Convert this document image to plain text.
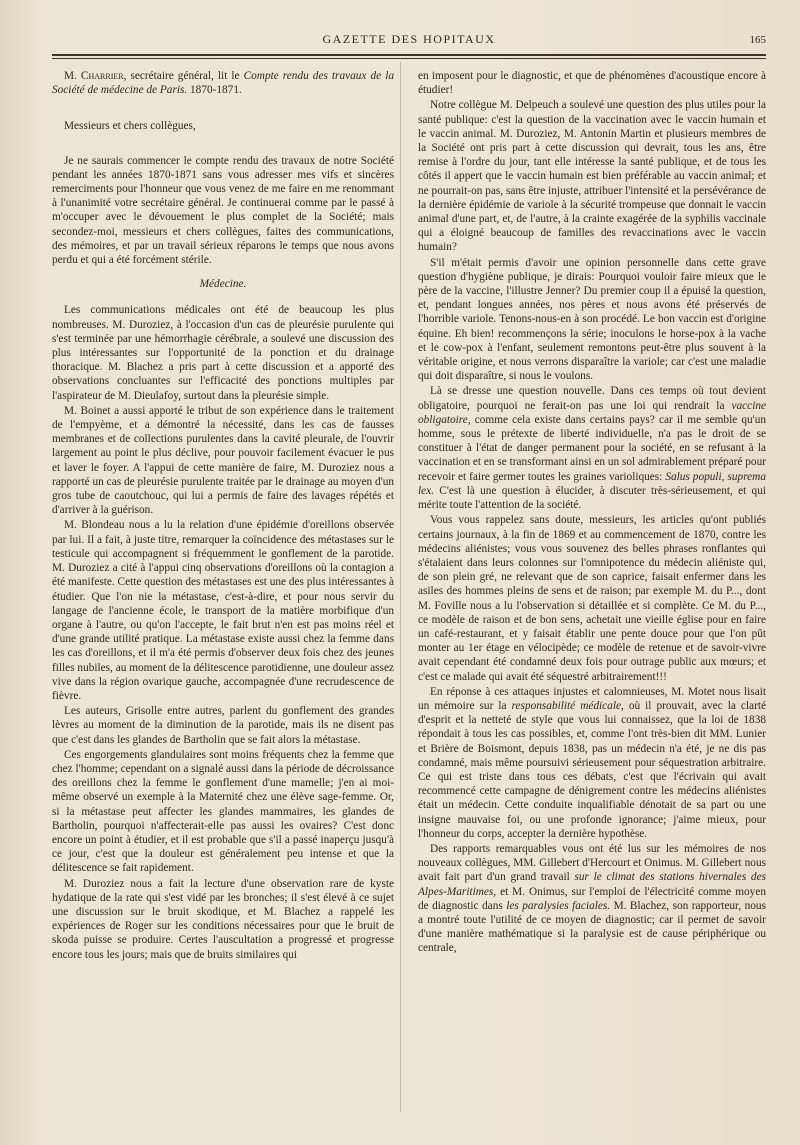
GAZETTE DES HOPITAUX	165

M. Charrier, secrétaire général, lit le Compte rendu des travaux de la Société de médecine de Paris. 1870-1871.

Messieurs et chers collègues,

Je ne saurais commencer le compte rendu des travaux de notre Société pendant les années 1870-1871 sans vous adresser mes vifs et sincères remerciments pour l'honneur que vous venez de me faire en me renommant à l'unanimité votre secrétaire général. Je continuerai comme par le passé à m'occuper avec le dévouement le plus complet de la Société; mais secondez-moi, messieurs et chers collègues, faites des communications, des mémoires, et par un travail sérieux réparons le temps que nous avons perdu et qui a été forcément stérile.

Médecine.

Les communications médicales ont été de beaucoup les plus nombreuses. M. Duroziez, à l'occasion d'un cas de pleurésie purulente qui s'est terminée par une hémorrhagie cérébrale, a soulevé une discussion des plus intéressantes sur l'opportunité de la ponction et du drainage thoracique. M. Blachez a pris part à cette discussion et a apporté des observations concluantes sur l'efficacité des ponctions multiples par l'aspirateur de M. Dieulafoy, surtout dans la pleurésie simple.

M. Boinet a aussi apporté le tribut de son expérience dans le traitement de l'empyème, et a démontré la nécessité, dans les cas de fausses membranes et de collections purulentes dans la cavité pleurale, de l'ouvrir largement au point le plus déclive, pour pouvoir facilement évacuer le pus et laver le foyer. A l'appui de cette manière de faire, M. Duroziez nous a rapporté un cas de pleurésie purulente traitée par le drainage au moyen d'un gros tube de caoutchouc, qui lui a permis de faire des lavages répétés et d'arriver à la guérison.

M. Blondeau nous a lu la relation d'une épidémie d'oreillons observée par lui. Il a fait, à juste titre, remarquer la coïncidence des métastases sur le testicule qui accompagnent si fréquemment le gonflement de la parotide. M. Duroziez a cité à l'appui cinq observations d'oreillons où la contagion a été manifeste. Cette question des métastases est une des plus intéressantes à étudier. Que l'on nie la métastase, c'est-à-dire, et pour nous servir du langage de l'ancienne école, le transport de la matière morbifique d'un organe à l'autre, ou qu'on l'accepte, le fait brut n'en est pas moins réel et d'une grande utilité pratique. La métastase existe aussi chez la femme dans les cas d'oreillons, et il m'a été permis d'observer deux fois chez des jeunes filles nubiles, au moment de la délitescence parotidienne, une douleur assez vive dans la région ovarique gauche, accompagnée d'une recrudescence de fièvre.

Les auteurs, Grisolle entre autres, parlent du gonflement des grandes lèvres au moment de la diminution de la parotide, mais ils ne disent pas que c'est dans les glandes de Bartholin que se fait alors la métastase.

Ces engorgements glandulaires sont moins fréquents chez la femme que chez l'homme; cependant on a signalé aussi dans la période de décroissance des oreillons chez la femme le gonflement d'une mamelle; j'en ai moi-même observé un exemple à la Maternité chez une élève sage-femme. Or, si la métastase peut affecter les glandes mammaires, les glandes de Bartholin, pourquoi n'affecterait-elle pas aussi les ovaires? C'est donc encore un point à étudier, et il est probable que s'il a passé inaperçu jusqu'à ce jour, c'est que la douleur est généralement peu intense et que la délitescence se fait rapidement.

M. Duroziez nous a fait la lecture d'une observation rare de kyste hydatique de la rate qui s'est vidé par les bronches; il s'est élevé à ce sujet une discussion sur le bruit skodique, et M. Blachez a rappelé les expériences de Roger sur les conditions nécessaires pour que le bruit de skoda puisse se produire. Certes l'auscultation a progressé et progresse encore tous les jours; mais que de bruits similaires qui

en imposent pour le diagnostic, et que de phénomènes d'acoustique encore à étudier!

Notre collègue M. Delpeuch a soulevé une question des plus utiles pour la santé publique: c'est la question de la vaccination avec le vaccin humain et le vaccin animal. M. Duroziez, M. Antonin Martin et plusieurs membres de la Société ont pris part à cette discussion qui devrait, tous les ans, être remise à l'ordre du jour, tant elle intéresse la santé publique, et de tous les côtés il appert que le vaccin humain est bien préférable au vaccin animal; et ne pourrait-on pas, sans être injuste, attribuer l'intensité et la persévérance de la dernière épidémie de variole à la sécurité trompeuse que donnait le vaccin animal d'une part, et, de l'autre, à la crainte exagérée de la syphilis vaccinale qui a éloigné beaucoup de familles des revaccinations avec le vaccin humain?

S'il m'était permis d'avoir une opinion personnelle dans cette grave question d'hygiène publique, je dirais: Pourquoi vouloir faire mieux que le père de la vaccine, l'illustre Jenner? Du premier coup il a épuisé la question, et, pendant longues années, nos pères et nous avons été préservés de l'horrible variole. Tenons-nous-en à son procédé. Le bon vaccin est d'origine équine. Eh bien! recommençons la série; inoculons le horse-pox à la vache et le cow-pox à l'enfant, seulement remontons peut-être plus souvent à la véritable origine, et nous verrons disparaître la variole; car c'est une maladie qui doit disparaître, si nous le voulons.

Là se dresse une question nouvelle. Dans ces temps où tout devient obligatoire, pourquoi ne ferait-on pas une loi qui rendrait la vaccine obligatoire, comme cela existe dans certains pays? car il me semble qu'un homme, sous le prétexte de liberté individuelle, n'a pas le droit de se constituer à l'état de danger permanent pour la société, en se refusant à la vaccination et en se transformant ainsi en un sol admirablement préparé pour recevoir et faire germer toutes les graines varioliques: Salus populi, suprema lex. C'est là une question à élucider, à discuter très-sérieusement, et qui mérite toute l'attention de la société.

Vous vous rappelez sans doute, messieurs, les articles qu'ont publiés certains journaux, à la fin de 1869 et au commencement de 1870, contre les médecins aliénistes; vous vous souvenez des belles phrases ronflantes qui s'étalaient dans leurs colonnes sur l'omnipotence du médecin aliéniste qui, de son plein gré, ne relevant que de son caprice, faisait enfermer dans les asiles des hommes pleins de sens et de raison; par exemple M. du P..., dont M. Foville nous a lu l'observation si détaillée et si complète. Ce M. du P..., ce modèle de raison et de bon sens, achetait une vieille église pour en faire un café-restaurant, et y faisait établir une pente douce pour que l'on pût monter au 1er étage en vélocipède; ce modèle de retenue et de savoir-vivre avait cependant été condamné deux fois pour outrage public aux mœurs; et c'est ce malade qui avait été séquestré arbitrairement!!!

En réponse à ces attaques injustes et calomnieuses, M. Motet nous lisait un mémoire sur la responsabilité médicale, où il prouvait, avec la clarté d'esprit et la netteté de style que vous lui connaissez, que la loi de 1838 répondait à tous les cas possibles, et, comme l'ont très-bien dit MM. Lunier et Brière de Boismont, depuis 1838, pas un médecin n'a été, je ne dis pas condamné, mais même poursuivi sérieusement pour séquestration arbitraire. Ce qui est triste dans tous ces débats, c'est que l'écrivain qui avait recommencé cette campagne de dénigrement contre les médecins aliénistes était un médecin. Cette conduite inqualifiable dénotait de sa part ou une insigne mauvaise foi, ou une profonde ignorance; j'aime mieux, pour l'honneur du corps, accepter la dernière hypothèse.

Des rapports remarquables vous ont été lus sur les mémoires de nos nouveaux collègues, MM. Gillebert d'Hercourt et Onimus. M. Gillebert nous avait fait part d'un grand travail sur le climat des stations hivernales des Alpes-Maritimes, et M. Onimus, sur l'emploi de l'électricité comme moyen de diagnostic dans les paralysies faciales. M. Blachez, son rapporteur, nous a montré toute l'utilité de ce moyen de diagnostic; car il permet de savoir d'une manière mathématique si la paralysie est de cause périphérique ou centrale,
